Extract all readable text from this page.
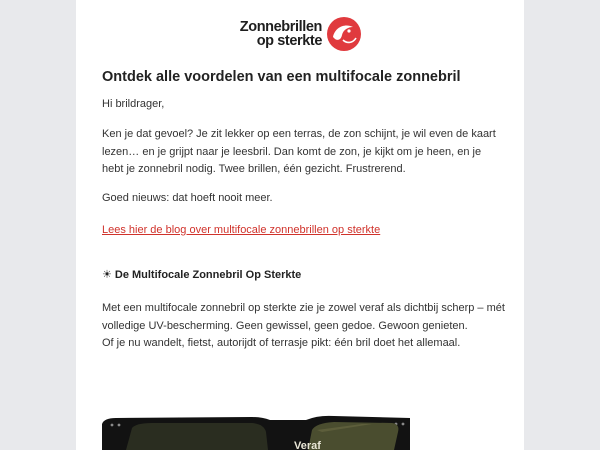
Zonnebrillen
op sterkte
Ontdek alle voordelen van een multifocale zonnebril

Hi brildrager,

Ken je dat gevoel? Je zit lekker op een terras, de zon schijnt, je wil even de kaart lezen… en je grijpt naar je leesbril. Dan komt de zon, je kijkt om je heen, en je hebt je zonnebril nodig. Twee brillen, één gezicht. Frustrerend.

Goed nieuws: dat hoeft nooit meer.

Lees hier de blog over multifocale zonnebrillen op sterkte
☀ De Multifocale Zonnebril Op Sterkte

Met een multifocale zonnebril op sterkte zie je zowel veraf als dichtbij scherp – mét
volledige UV-bescherming. Geen gewissel, geen gedoe. Gewoon genieten.
Of je nu wandelt, fietst, autorijdt of terrasje pikt: één bril doet het allemaal.

Veraf
